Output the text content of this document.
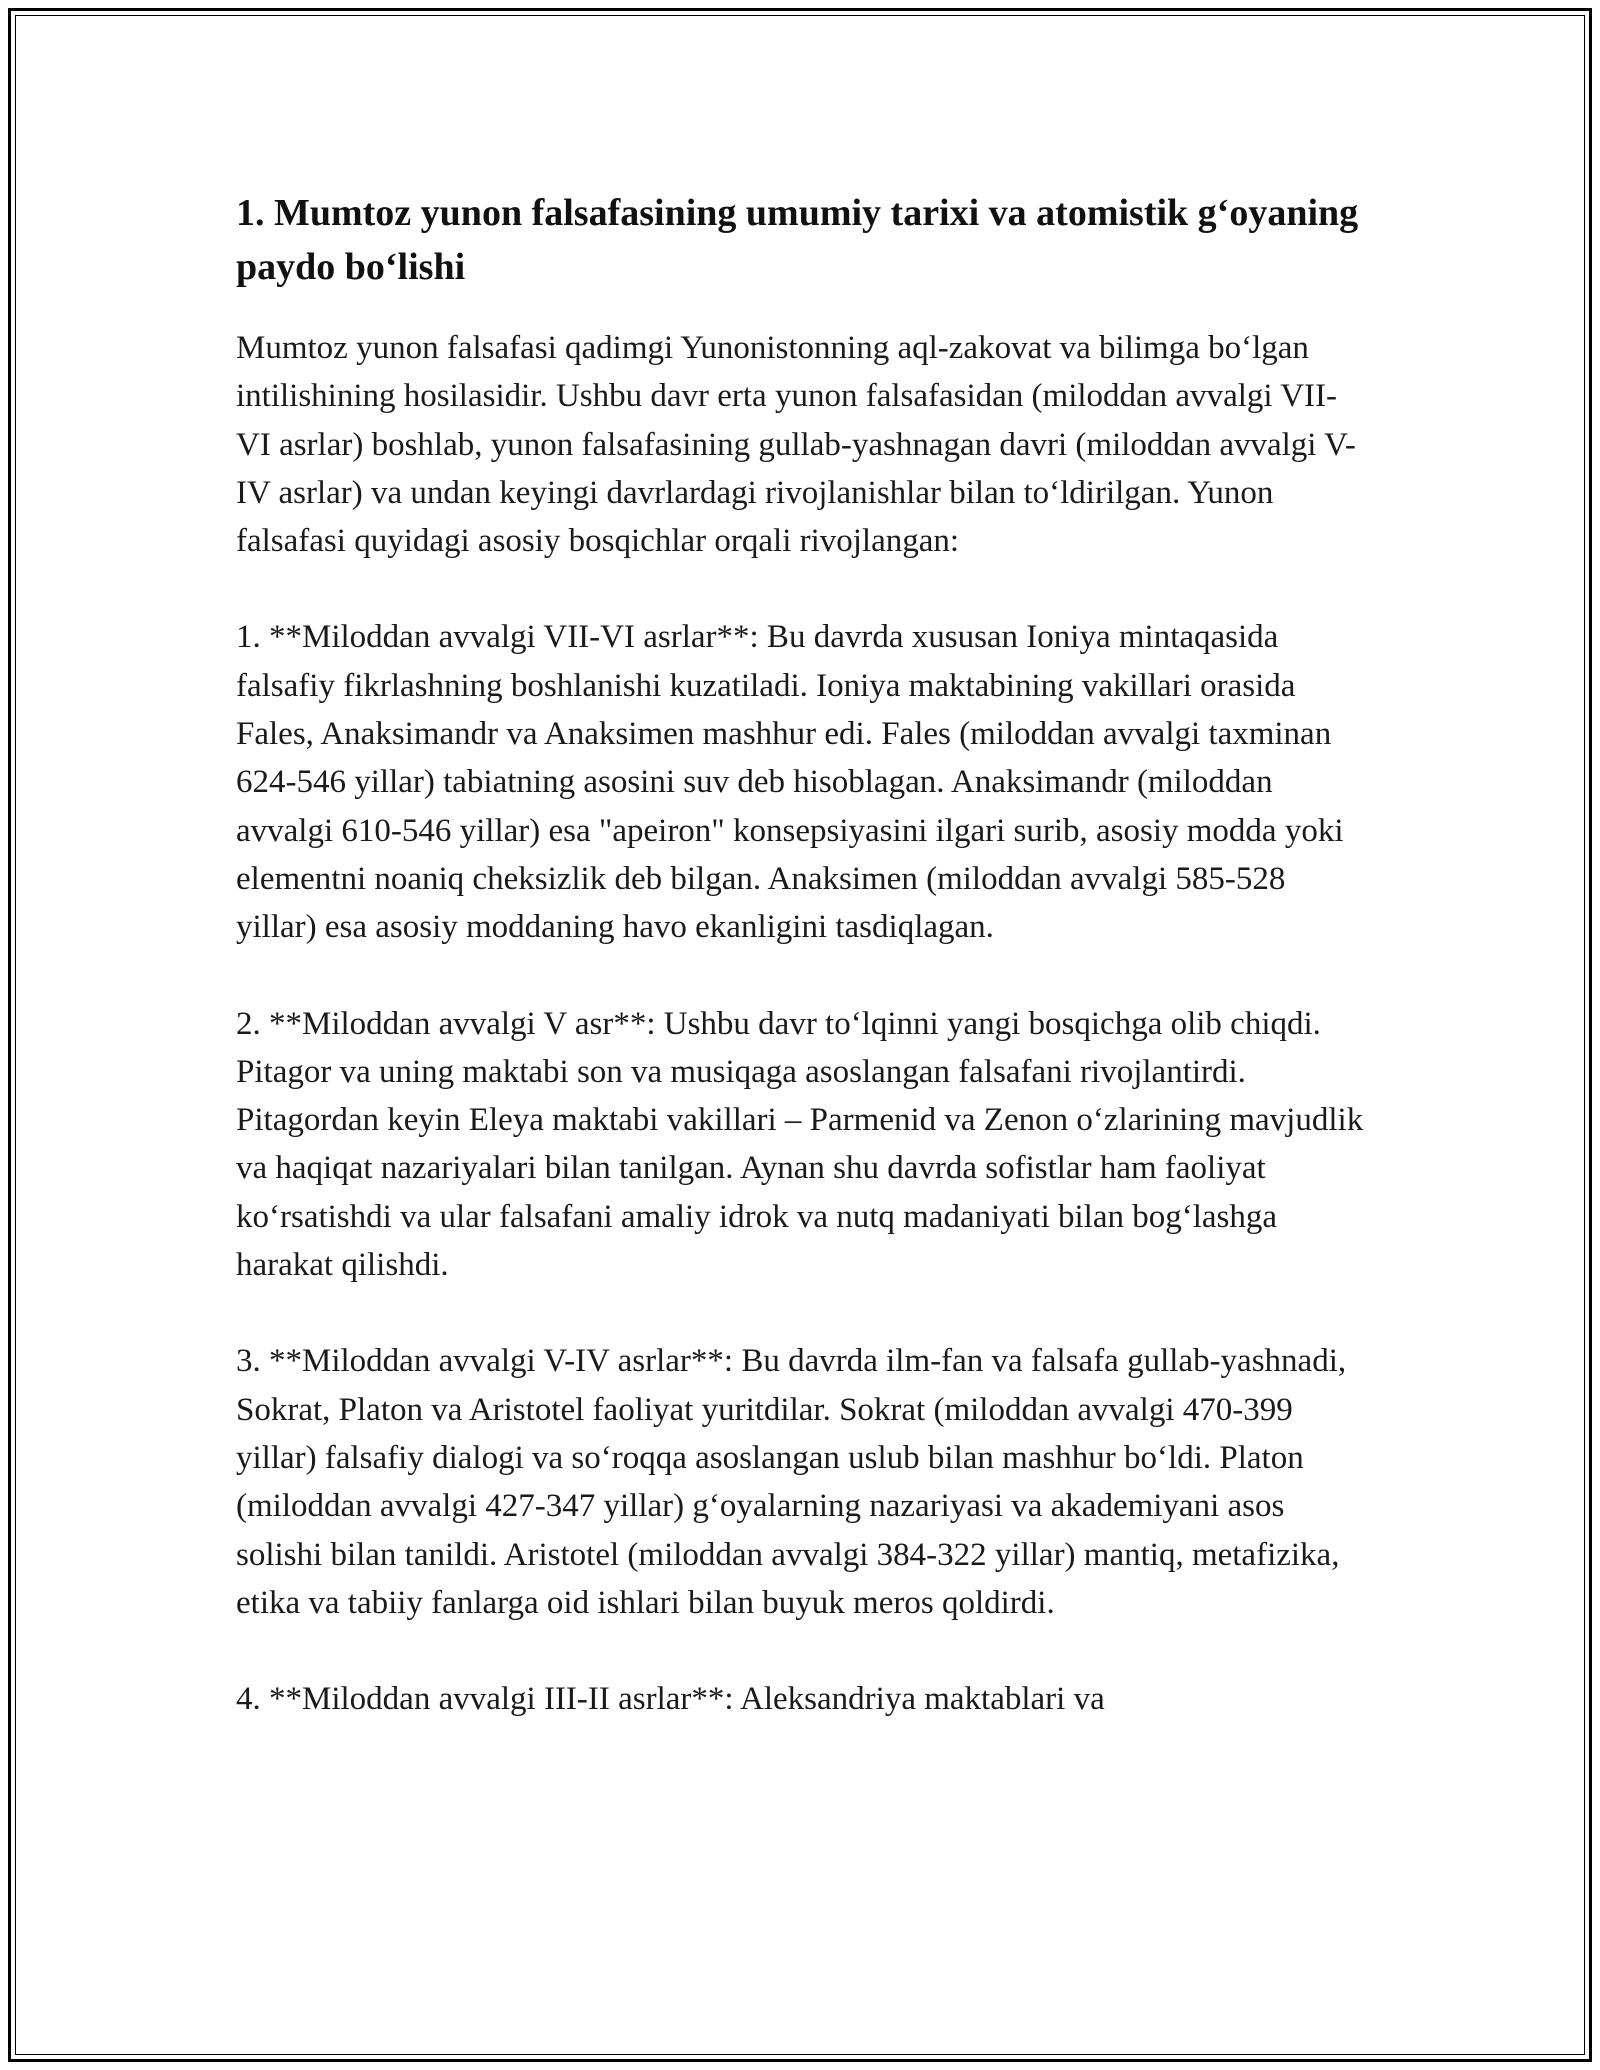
1. Mumtoz yunon falsafasining umumiy tarixi va atomistik g‘oyaning paydo bo‘lishi

Mumtoz yunon falsafasi qadimgi Yunonistonning aql-zakovat va bilimga bo‘lgan intilishining hosilasidir. Ushbu davr erta yunon falsafasidan (miloddan avvalgi VII-VI asrlar) boshlab, yunon falsafasining gullab-yashnagan davri (miloddan avvalgi V-IV asrlar) va undan keyingi davrlardagi rivojlanishlar bilan to‘ldirilgan. Yunon falsafasi quyidagi asosiy bosqichlar orqali rivojlangan:

1. **Miloddan avvalgi VII-VI asrlar**: Bu davrda xususan Ioniya mintaqasida falsafiy fikrlashning boshlanishi kuzatiladi. Ioniya maktabining vakillari orasida Fales, Anaksimandr va Anaksimen mashhur edi. Fales (miloddan avvalgi taxminan 624-546 yillar) tabiatning asosini suv deb hisoblagan. Anaksimandr (miloddan avvalgi 610-546 yillar) esa "apeiron" konsepsiyasini ilgari surib, asosiy modda yoki elementni noaniq cheksizlik deb bilgan. Anaksimen (miloddan avvalgi 585-528 yillar) esa asosiy moddaning havo ekanligini tasdiqlagan.

2. **Miloddan avvalgi V asr**: Ushbu davr to‘lqinni yangi bosqichga olib chiqdi. Pitagor va uning maktabi son va musiqaga asoslangan falsafani rivojlantirdi. Pitagordan keyin Eleya maktabi vakillari – Parmenid va Zenon o‘zlarining mavjudlik va haqiqat nazariyalari bilan tanilgan. Aynan shu davrda sofistlar ham faoliyat ko‘rsatishdi va ular falsafani amaliy idrok va nutq madaniyati bilan bog‘lashga harakat qilishdi.

3. **Miloddan avvalgi V-IV asrlar**: Bu davrda ilm-fan va falsafa gullab-yashnadi, Sokrat, Platon va Aristotel faoliyat yuritdilar. Sokrat (miloddan avvalgi 470-399 yillar) falsafiy dialogi va so‘roqqa asoslangan uslub bilan mashhur bo‘ldi. Platon (miloddan avvalgi 427-347 yillar) g‘oyalarning nazariyasi va akademiyani asos solishi bilan tanildi. Aristotel (miloddan avvalgi 384-322 yillar) mantiq, metafizika, etika va tabiiy fanlarga oid ishlari bilan buyuk meros qoldirdi.

4. **Miloddan avvalgi III-II asrlar**: Aleksandriya maktablari va
